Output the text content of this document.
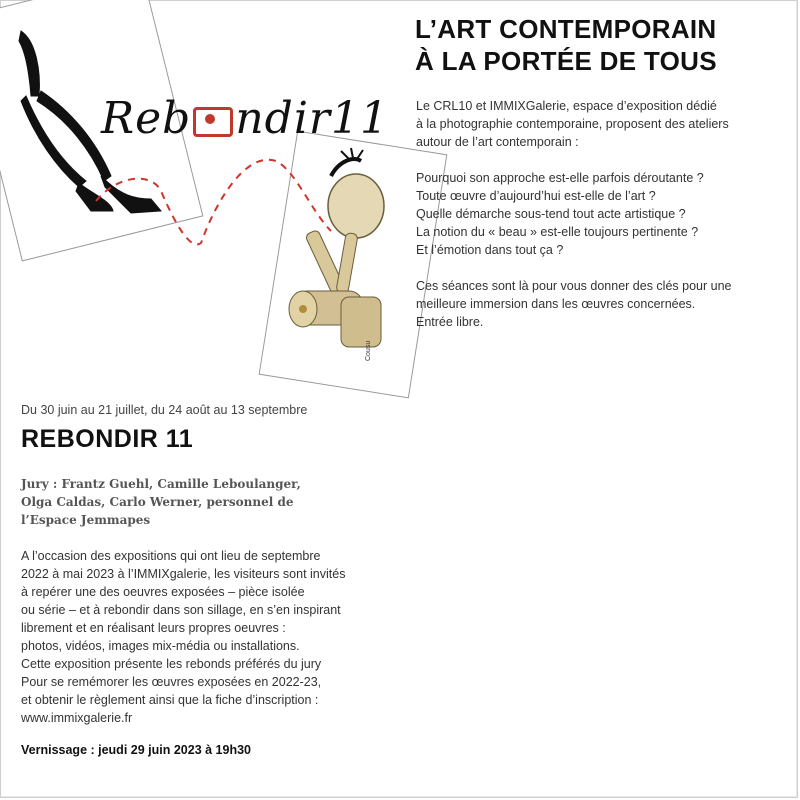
Reb ndir11
Cousu
L’ART CONTEMPORAIN
À LA PORTÉE DE TOUS

Le CRL10 et IMMIXGalerie, espace d’exposition dédié
à la photographie contemporaine, proposent des ateliers
autour de l’art contemporain :

Pourquoi son approche est-elle parfois déroutante ?
Toute œuvre d’aujourd’hui est-elle de l’art ?
Quelle démarche sous-tend tout acte artistique ?
La notion du « beau » est-elle toujours pertinente ?
Et l’émotion dans tout ça ?

Ces séances sont là pour vous donner des clés pour une
meilleure immersion dans les œuvres concernées.
Entrée libre.

Du 30 juin au 21 juillet, du 24 août au 13 septembre
REBONDIR 11
Jury : Frantz Guehl, Camille Leboulanger,
Olga Caldas, Carlo Werner, personnel de
l’Espace Jemmapes
A l’occasion des expositions qui ont lieu de septembre
2022 à mai 2023 à l’IMMIXgalerie, les visiteurs sont invités
à repérer une des oeuvres exposées – pièce isolée
ou série – et à rebondir dans son sillage, en s’en inspirant
librement et en réalisant leurs propres oeuvres :
photos, vidéos, images mix-média ou installations.
Cette exposition présente les rebonds préférés du jury
Pour se remémorer les œuvres exposées en 2022-23,
et obtenir le règlement ainsi que la fiche d’inscription :
www.immixgalerie.fr
Vernissage : jeudi 29 juin 2023 à 19h30
